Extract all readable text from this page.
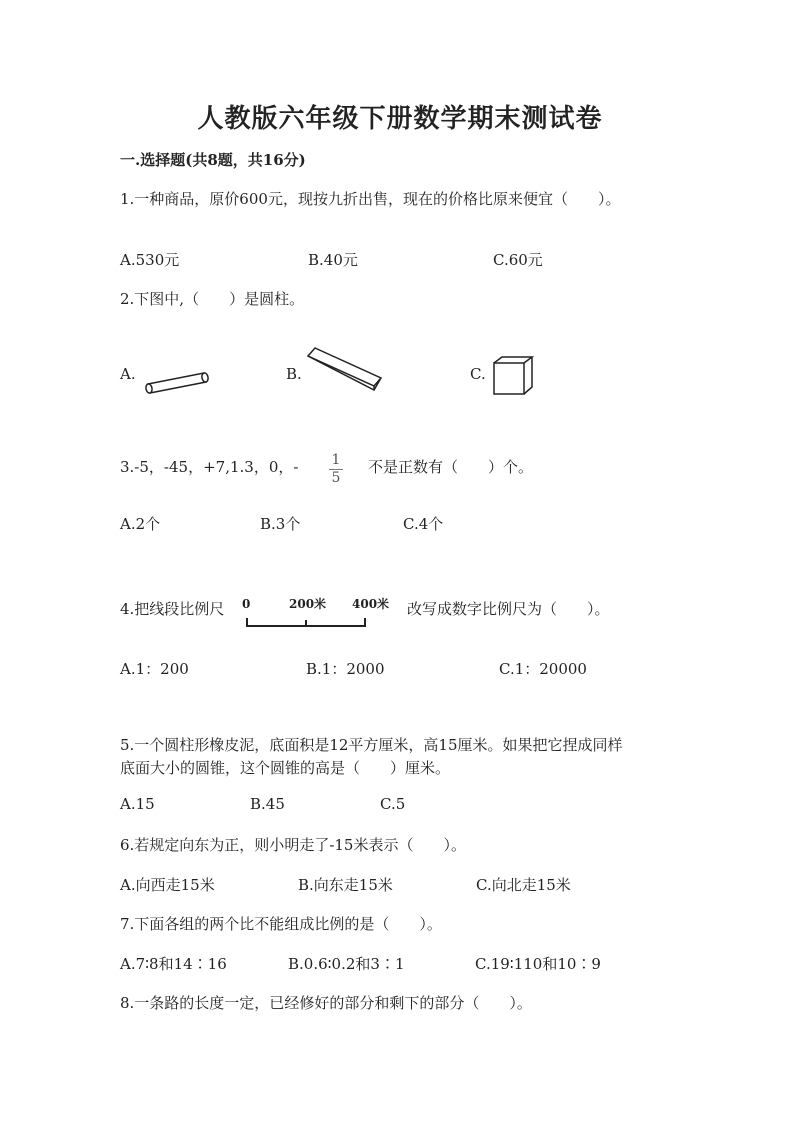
人教版六年级下册数学期末测试卷
一.选择题(共8题，共16分)
1.一种商品，原价600元，现按九折出售，现在的价格比原来便宜（　　）。
A.530元	B.40元	C.60元
2.下图中,（　　）是圆柱。
A.	B.	C.
3.-5，-45，+7,1.3，0，- $\frac{1}{5}$ 不是正数有（　　）个。
A.2个	B.3个	C.4个
4.把线段比例尺 0	200米 400米 改写成数字比例尺为（　　）。
A.1：200	B.1：2000	C.1：20000
5.一个圆柱形橡皮泥，底面积是12平方厘米，高15厘米。如果把它捏成同样
底面大小的圆锥，这个圆锥的高是（　　）厘米。
A.15	B.45	C.5
6.若规定向东为正，则小明走了-15米表示（　　）。
A.向西走15米	B.向东走15米	C.向北走15米
7.下面各组的两个比不能组成比例的是（　　）。
A.7∶8和14∶16	B.0.6∶0.2和3∶1	C.19∶110和10∶9
8.一条路的长度一定，已经修好的部分和剩下的部分（　　）。
